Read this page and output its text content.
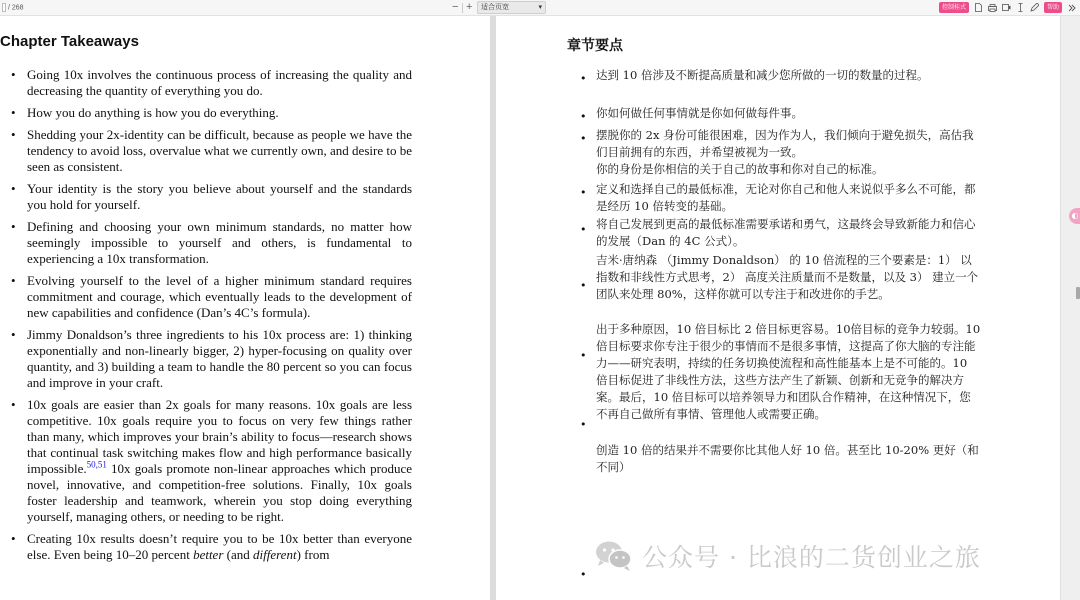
/ 268	− +	适合页宽	▾	控制桂式	帮助
Chapter Takeaways
• Going 10x involves the continuous process of increasing the quality and decreasing the quantity of everything you do.
• How you do anything is how you do everything.
• Shedding your 2x-identity can be difficult, because as people we have the tendency to avoid loss, overvalue what we currently own, and desire to be seen as consistent.
• Your identity is the story you believe about yourself and the standards you hold for yourself.
• Defining and choosing your own minimum standards, no matter how seemingly impossible to yourself and others, is fundamental to experiencing a 10x transformation.
• Evolving yourself to the level of a higher minimum standard requires commitment and courage, which eventually leads to the development of new capabilities and confidence (Dan’s 4C’s formula).
• Jimmy Donaldson’s three ingredients to his 10x process are: 1) thinking exponentially and non-linearly bigger, 2) hyper-focusing on quality over quantity, and 3) building a team to handle the 80 percent so you can focus and improve in your craft.
• 10x goals are easier than 2x goals for many reasons. 10x goals are less competitive. 10x goals require you to focus on very few things rather than many, which improves your brain’s ability to focus—research shows that continual task switching makes flow and high performance basically impossible.$^{50,51}$ 10x goals promote non-linear approaches which produce novel, innovative, and competition-free solutions. Finally, 10x goals foster leadership and teamwork, wherein you stop doing everything yourself, managing others, or needing to be right.
• Creating 10x results doesn’t require you to be 10x better than everyone else. Even being 10–20 percent better (and different) from
章节要点
• 达到 10 倍涉及不断提高质量和减少您所做的一切的数量的过程。
• 你如何做任何事情就是你如何做每件事。
• 摆脱你的 2x 身份可能很困难，因为作为人，我们倾向于避免损失，高估我们目前拥有的东西，并希望被视为一致。
你的身份是你相信的关于自己的故事和你对自己的标准。
• 定义和选择自己的最低标准，无论对你自己和他人来说似乎多么不可能，都是经历 10 倍转变的基础。
• 将自己发展到更高的最低标准需要承诺和勇气，这最终会导致新能力和信心的发展（Dan 的 4C 公式）。
•
吉米·唐纳森 （Jimmy Donaldson） 的 10 倍流程的三个要素是：1） 以指数和非线性方式思考，2） 高度关注质量而不是数量，以及 3） 建立一个团队来处理 80%，这样你就可以专注于和改进你的手艺。
•
•
出于多种原因，10 倍目标比 2 倍目标更容易。10倍目标的竞争力较弱。10 倍目标要求你专注于很少的事情而不是很多事情，这提高了你大脑的专注能力——研究表明，持续的任务切换使流程和高性能基本上是不可能的。10 倍目标促进了非线性方法，这些方法产生了新颖、创新和无竞争的解决方案。最后，10 倍目标可以培养领导力和团队合作精神，在这种情况下，您不再自己做所有事情、管理他人或需要正确。
创造 10 倍的结果并不需要你比其他人好 10 倍。甚至比 10-20% 更好（和不同）
•
公众号 · 比浪的二货创业之旅
◐
